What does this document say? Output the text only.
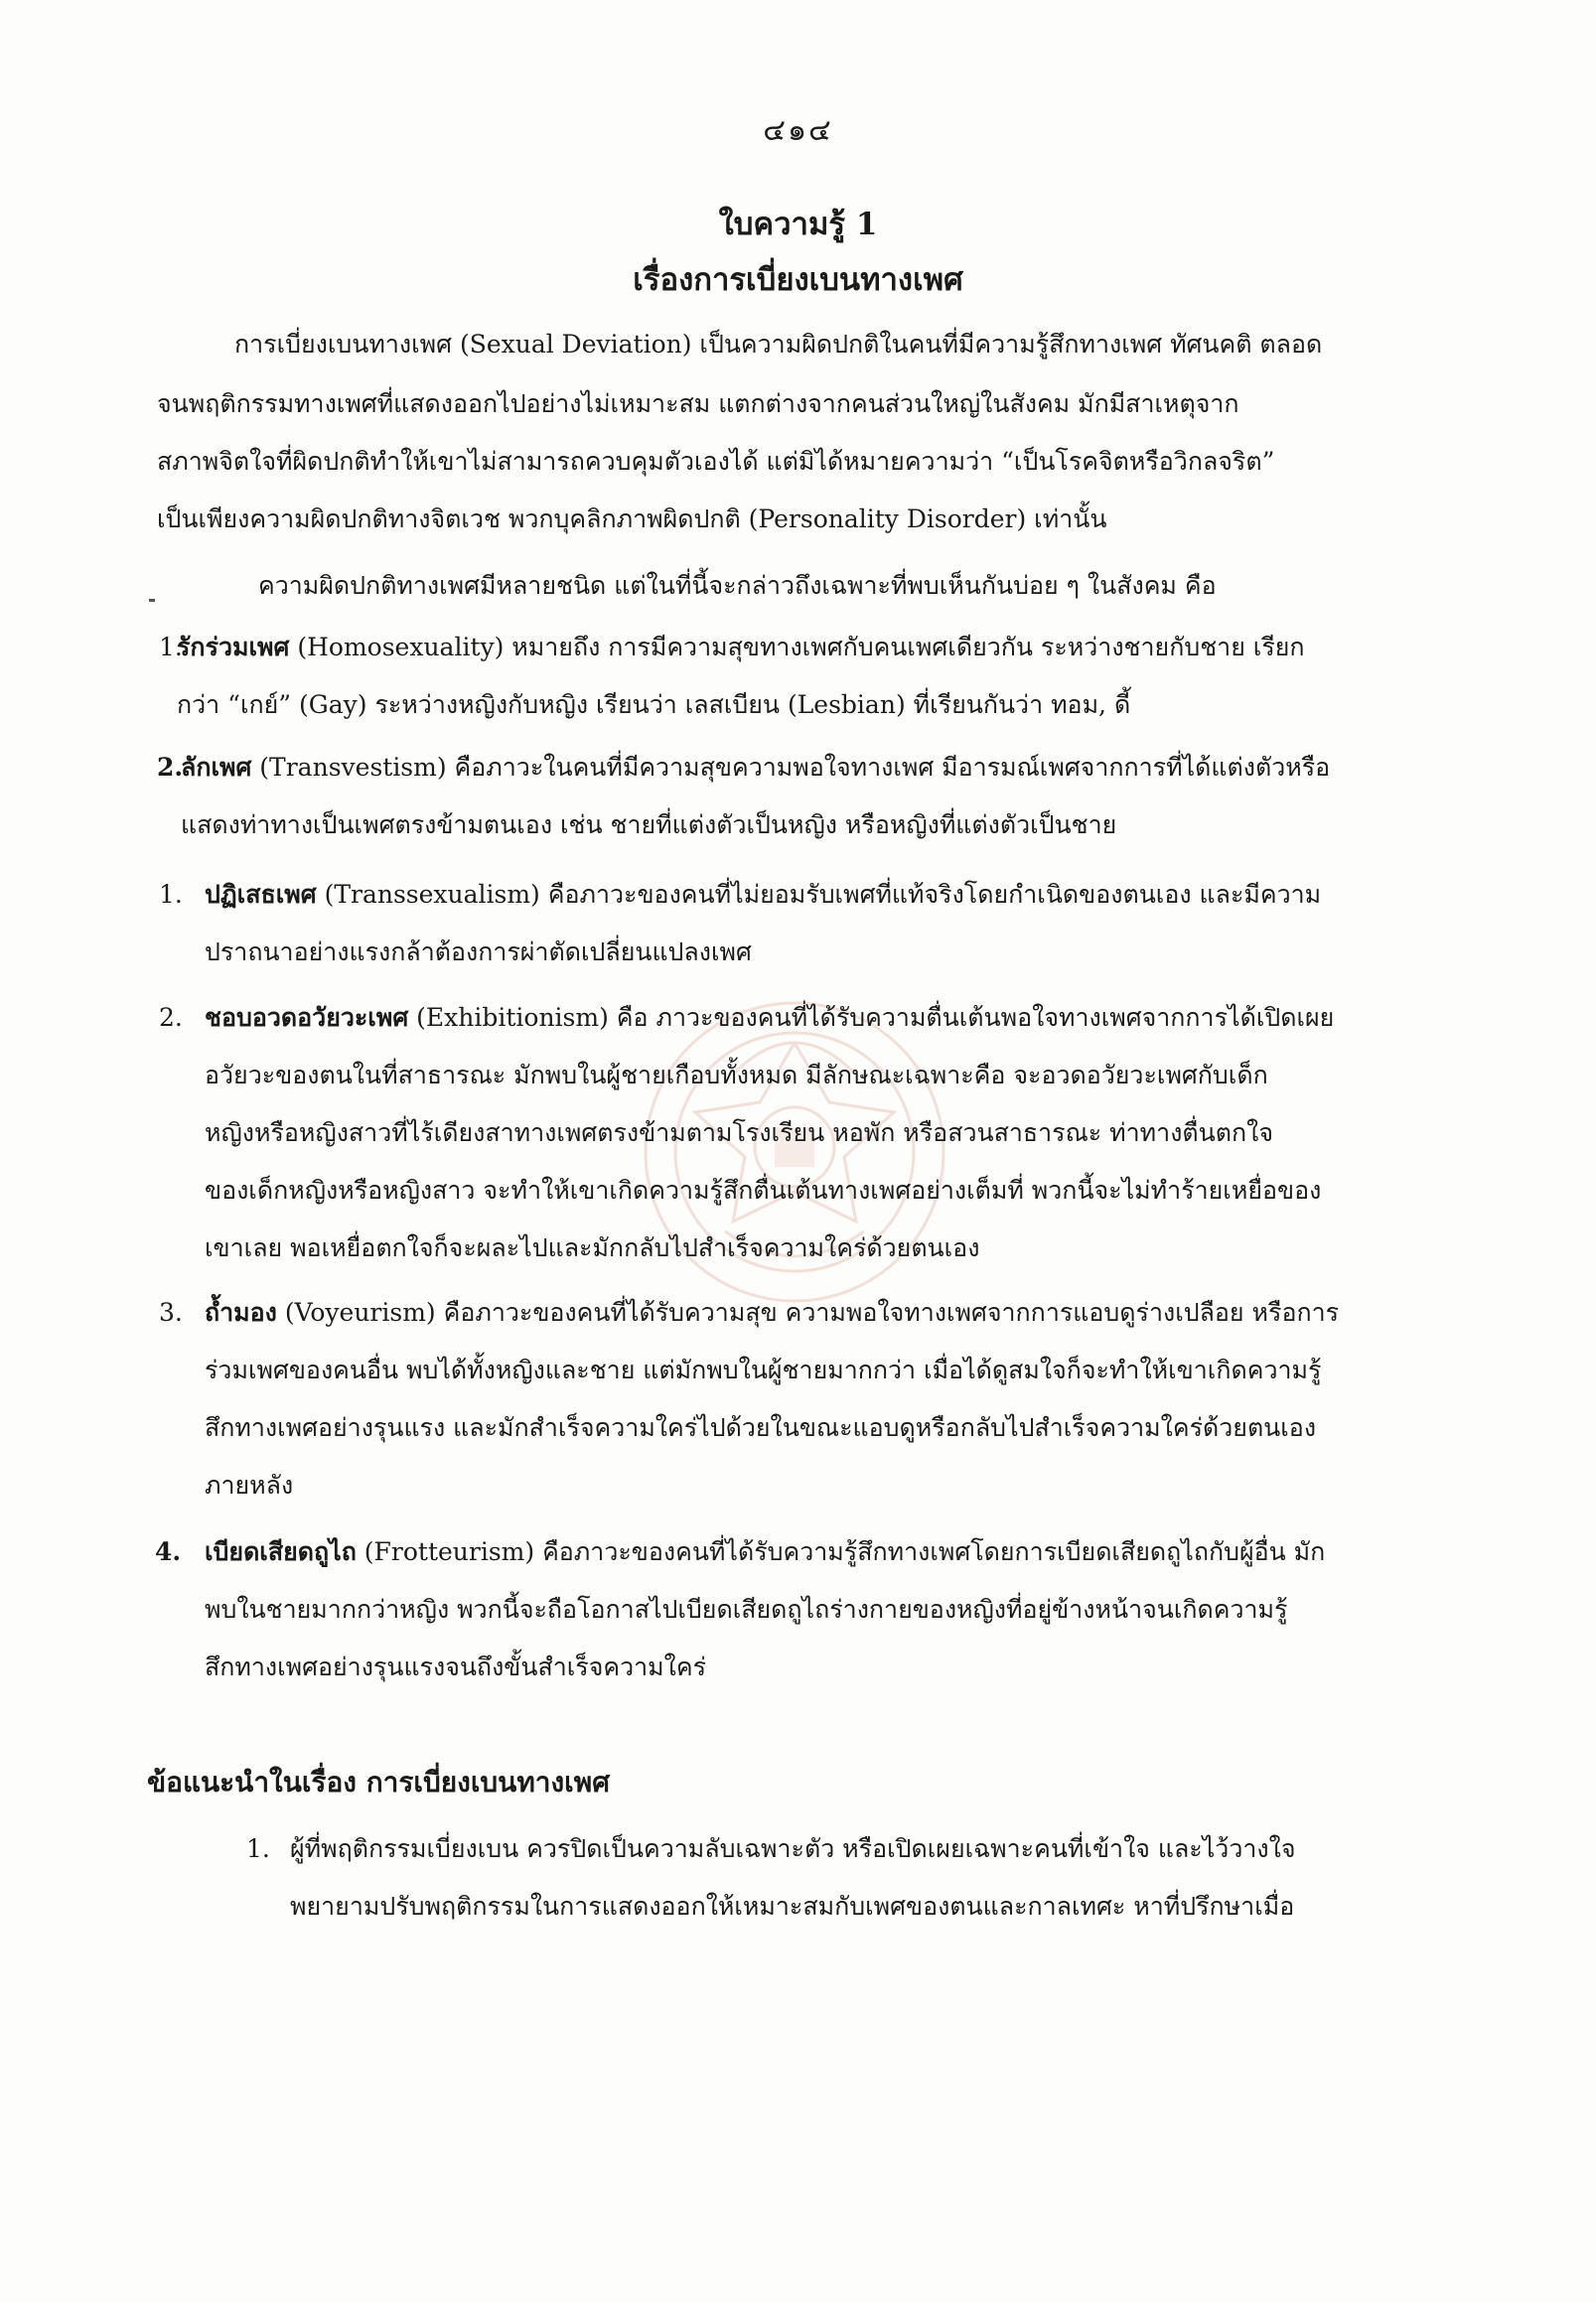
๔๑๔
ใบความรู้ 1
เรื่องการเบี่ยงเบนทางเพศ
การเบี่ยงเบนทางเพศ (Sexual Deviation) เป็นความผิดปกติในคนที่มีความรู้สึกทางเพศ ทัศนคติ ตลอด
จนพฤติกรรมทางเพศที่แสดงออกไปอย่างไม่เหมาะสม แตกต่างจากคนส่วนใหญ่ในสังคม มักมีสาเหตุจาก
สภาพจิตใจที่ผิดปกติทำให้เขาไม่สามารถควบคุมตัวเองได้ แต่มิได้หมายความว่า “เป็นโรคจิตหรือวิกลจริต”
เป็นเพียงความผิดปกติทางจิตเวช พวกบุคลิกภาพผิดปกติ (Personality Disorder) เท่านั้น
ความผิดปกติทางเพศมีหลายชนิด แต่ในที่นี้จะกล่าวถึงเฉพาะที่พบเห็นกันบ่อย ๆ ในสังคม คือ
1.
รักร่วมเพศ (Homosexuality) หมายถึง การมีความสุขทางเพศกับคนเพศเดียวกัน ระหว่างชายกับชาย เรียก
กว่า “เกย์” (Gay) ระหว่างหญิงกับหญิง เรียนว่า เลสเบียน (Lesbian) ที่เรียนกันว่า ทอม, ดี้
2.
ลักเพศ (Transvestism) คือภาวะในคนที่มีความสุขความพอใจทางเพศ มีอารมณ์เพศจากการที่ได้แต่งตัวหรือ
แสดงท่าทางเป็นเพศตรงข้ามตนเอง เช่น ชายที่แต่งตัวเป็นหญิง หรือหญิงที่แต่งตัวเป็นชาย
1. ปฏิเสธเพศ (Transsexualism) คือภาวะของคนที่ไม่ยอมรับเพศที่แท้จริงโดยกำเนิดของตนเอง และมีความ
ปราถนาอย่างแรงกล้าต้องการผ่าตัดเปลี่ยนแปลงเพศ
2. ชอบอวดอวัยวะเพศ (Exhibitionism) คือ ภาวะของคนที่ได้รับความตื่นเต้นพอใจทางเพศจากการได้เปิดเผย
อวัยวะของตนในที่สาธารณะ มักพบในผู้ชายเกือบทั้งหมด มีลักษณะเฉพาะคือ จะอวดอวัยวะเพศกับเด็ก
หญิงหรือหญิงสาวที่ไร้เดียงสาทางเพศตรงข้ามตามโรงเรียน หอพัก หรือสวนสาธารณะ ท่าทางตื่นตกใจ
ของเด็กหญิงหรือหญิงสาว จะทำให้เขาเกิดความรู้สึกตื่นเต้นทางเพศอย่างเต็มที่ พวกนี้จะไม่ทำร้ายเหยื่อของ
เขาเลย พอเหยื่อตกใจก็จะผละไปและมักกลับไปสำเร็จความใคร่ด้วยตนเอง
3. ถ้ำมอง (Voyeurism) คือภาวะของคนที่ได้รับความสุข ความพอใจทางเพศจากการแอบดูร่างเปลือย หรือการ
ร่วมเพศของคนอื่น พบได้ทั้งหญิงและชาย แต่มักพบในผู้ชายมากกว่า เมื่อได้ดูสมใจก็จะทำให้เขาเกิดความรู้
สึกทางเพศอย่างรุนแรง และมักสำเร็จความใคร่ไปด้วยในขณะแอบดูหรือกลับไปสำเร็จความใคร่ด้วยตนเอง
ภายหลัง
4. เบียดเสียดถูไถ (Frotteurism) คือภาวะของคนที่ได้รับความรู้สึกทางเพศโดยการเบียดเสียดถูไถกับผู้อื่น มัก
พบในชายมากกว่าหญิง พวกนี้จะถือโอกาสไปเบียดเสียดถูไถร่างกายของหญิงที่อยู่ข้างหน้าจนเกิดความรู้
สึกทางเพศอย่างรุนแรงจนถึงขั้นสำเร็จความใคร่
ข้อแนะนำในเรื่อง การเบี่ยงเบนทางเพศ
1. ผู้ที่พฤติกรรมเบี่ยงเบน ควรปิดเป็นความลับเฉพาะตัว หรือเปิดเผยเฉพาะคนที่เข้าใจ และไว้วางใจ
พยายามปรับพฤติกรรมในการแสดงออกให้เหมาะสมกับเพศของตนและกาลเทศะ หาที่ปรึกษาเมื่อ
